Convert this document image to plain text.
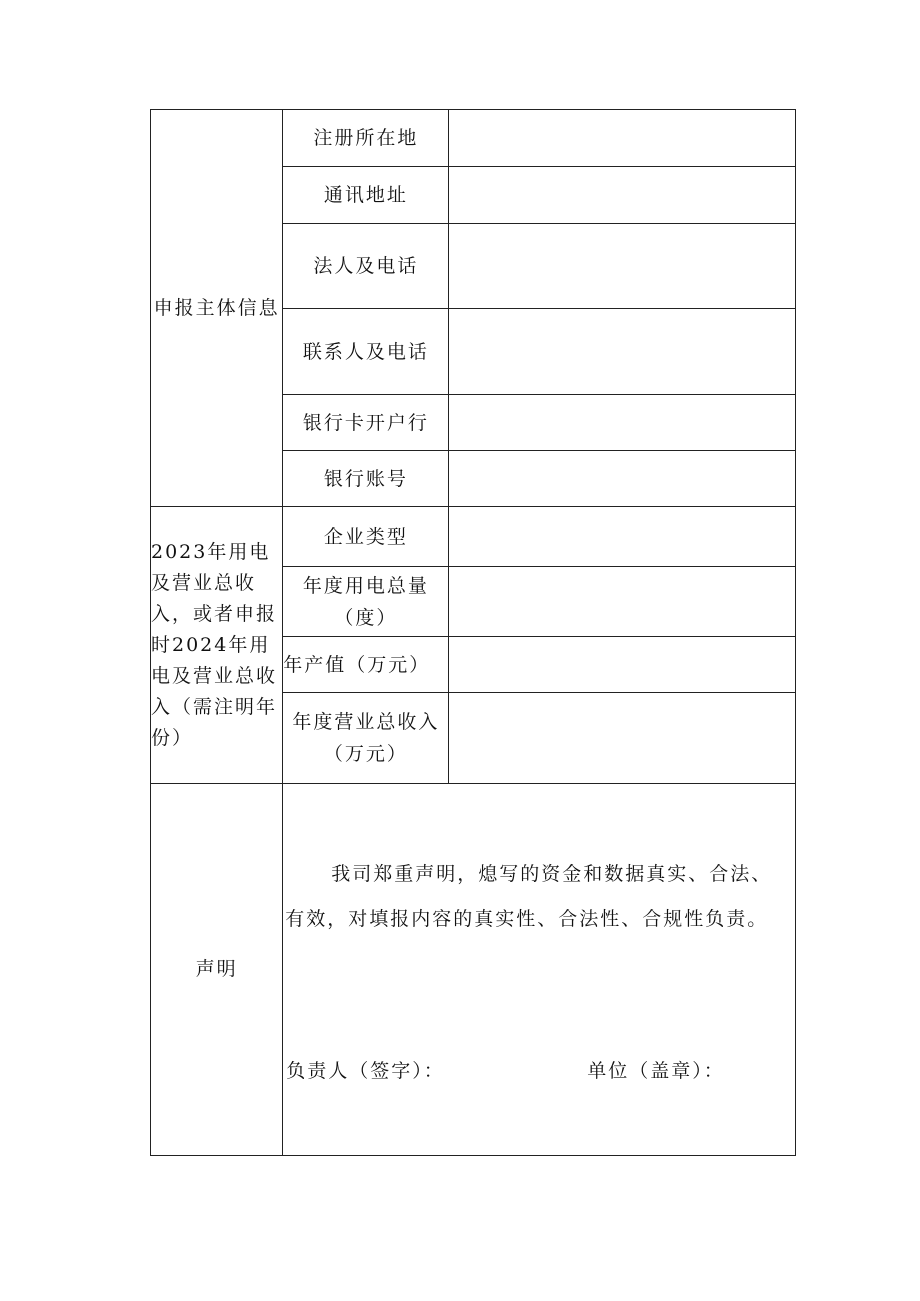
申报主体信息	注册所在地	
	通讯地址	
	法人及电话	
	联系人及电话	
	银行卡开户行	
	银行账号	
2023年用电及营业总收入，或者申报时2024年用电及营业总收入（需注明年份）	企业类型	
	年度用电总量（度）	
	年产值（万元）	
	年度营业总收入（万元）	
声明	我司郑重声明，熄写的资金和数据真实、合法、有效，对填报内容的真实性、合法性、合规性负责。
负责人（签字）： 单位（盖章）：	
